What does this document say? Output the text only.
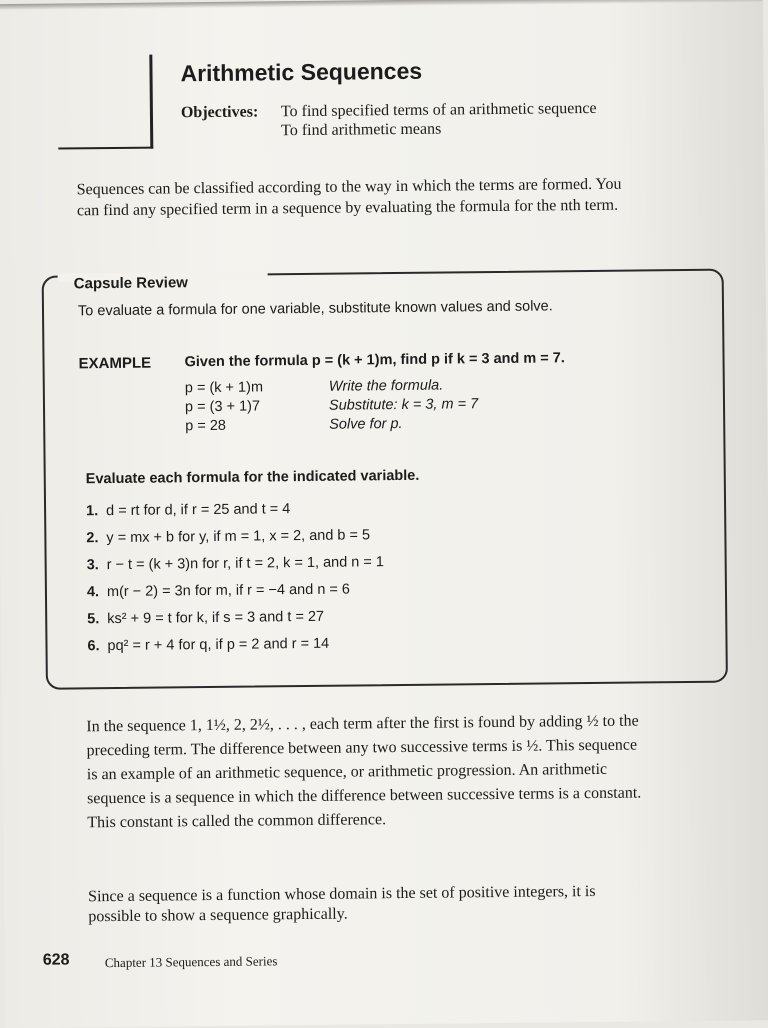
Arithmetic Sequences
Objectives: To find specified terms of an arithmetic sequence
To find arithmetic means
Sequences can be classified according to the way in which the terms are formed. You can find any specified term in a sequence by evaluating the formula for the nth term.
Capsule Review
To evaluate a formula for one variable, substitute known values and solve.
EXAMPLE Given the formula p = (k + 1)m, find p if k = 3 and m = 7.
p = (k + 1)m	Write the formula.
p = (3 + 1)7	Substitute: k = 3, m = 7
p = 28	Solve for p.
Evaluate each formula for the indicated variable.
1. d = rt for d, if r = 25 and t = 4
2. y = mx + b for y, if m = 1, x = 2, and b = 5
3. r − t = (k + 3)n for r, if t = 2, k = 1, and n = 1
4. m(r − 2) = 3n for m, if r = −4 and n = 6
5. ks² + 9 = t for k, if s = 3 and t = 27
6. pq² = r + 4 for q, if p = 2 and r = 14
In the sequence 1, 1½, 2, 2½, . . . , each term after the first is found by adding ½ to the preceding term. The difference between any two successive terms is ½. This sequence is an example of an arithmetic sequence, or arithmetic progression. An arithmetic sequence is a sequence in which the difference between successive terms is a constant. This constant is called the common difference.
Since a sequence is a function whose domain is the set of positive integers, it is possible to show a sequence graphically.
628	Chapter 13 Sequences and Series
